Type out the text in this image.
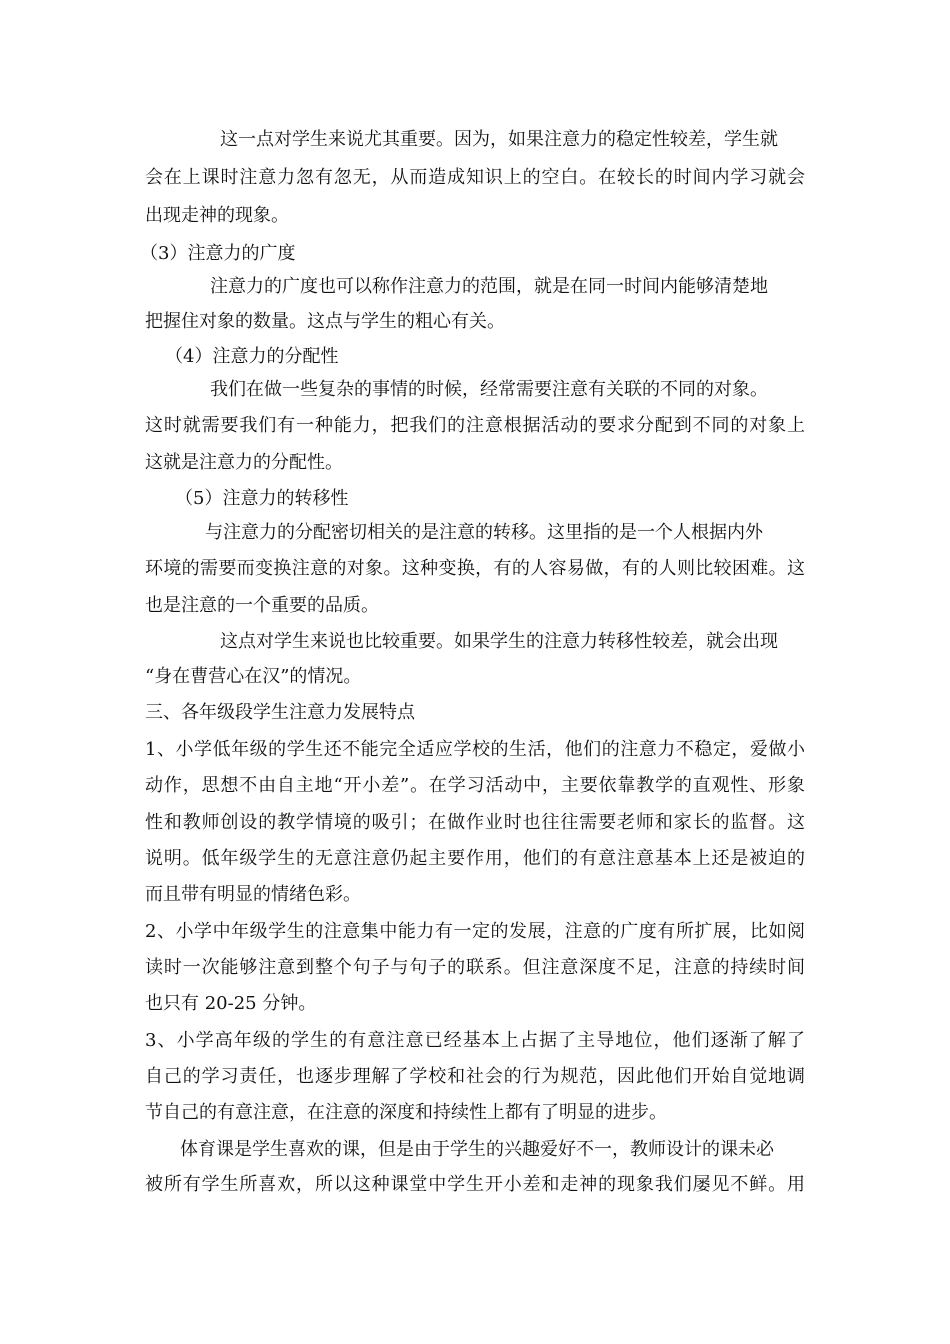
这一点对学生来说尤其重要。因为，如果注意力的稳定性较差，学生就
会在上课时注意力忽有忽无，从而造成知识上的空白。在较长的时间内学习就会
出现走神的现象。
（3）注意力的广度
注意力的广度也可以称作注意力的范围，就是在同一时间内能够清楚地
把握住对象的数量。这点与学生的粗心有关。
（4）注意力的分配性
我们在做一些复杂的事情的时候，经常需要注意有关联的不同的对象。
这时就需要我们有一种能力，把我们的注意根据活动的要求分配到不同的对象上
这就是注意力的分配性。
（5）注意力的转移性
与注意力的分配密切相关的是注意的转移。这里指的是一个人根据内外
环境的需要而变换注意的对象。这种变换，有的人容易做，有的人则比较困难。这
也是注意的一个重要的品质。
这点对学生来说也比较重要。如果学生的注意力转移性较差，就会出现
“身在曹营心在汉”的情况。
三、各年级段学生注意力发展特点
1、小学低年级的学生还不能完全适应学校的生活，他们的注意力不稳定，爱做小
动作，思想不由自主地“开小差”。在学习活动中，主要依靠教学的直观性、形象
性和教师创设的教学情境的吸引；在做作业时也往往需要老师和家长的监督。这
说明。低年级学生的无意注意仍起主要作用，他们的有意注意基本上还是被迫的
而且带有明显的情绪色彩。
2、小学中年级学生的注意集中能力有一定的发展，注意的广度有所扩展，比如阅
读时一次能够注意到整个句子与句子的联系。但注意深度不足，注意的持续时间
也只有 20-25 分钟。
3、小学高年级的学生的有意注意已经基本上占据了主导地位，他们逐渐了解了
自己的学习责任，也逐步理解了学校和社会的行为规范，因此他们开始自觉地调
节自己的有意注意，在注意的深度和持续性上都有了明显的进步。
体育课是学生喜欢的课，但是由于学生的兴趣爱好不一，教师设计的课未必
被所有学生所喜欢，所以这种课堂中学生开小差和走神的现象我们屡见不鲜。用
